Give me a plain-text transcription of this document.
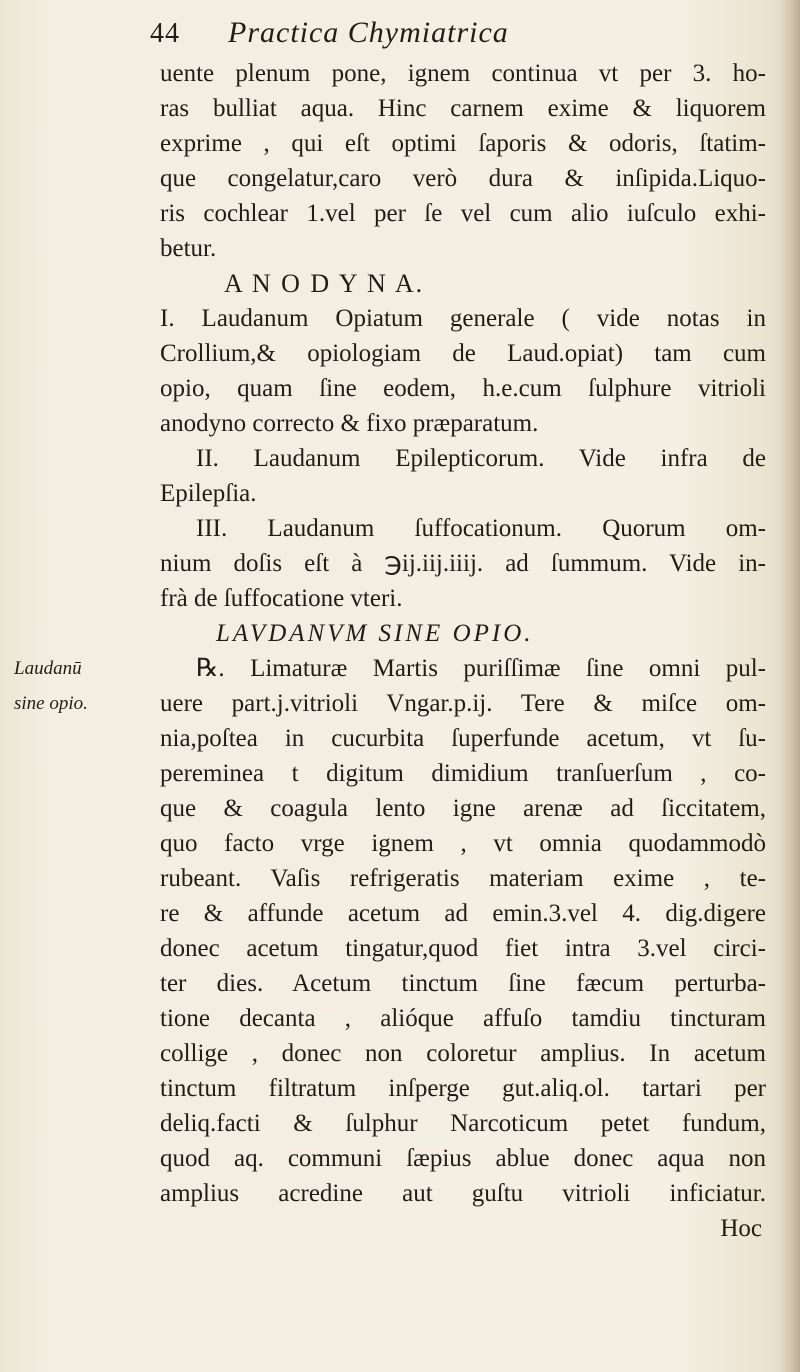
44 Practica Chymiatrica
Laudanū
sine opio.
uente plenum pone, ignem continua vt per 3. ho-
ras bulliat aqua. Hinc carnem exime & liquorem
exprime , qui eſt optimi ſaporis & odoris, ſtatim-
que congelatur,caro verò dura & inſipida.Liquo-
ris cochlear 1.vel per ſe vel cum alio iuſculo exhi-
betur.
A N O D Y N A.
I. Laudanum Opiatum generale ( vide notas in
Crollium,& opiologiam de Laud.opiat) tam cum
opio, quam ſine eodem, h.e.cum ſulphure vitrioli
anodyno correcto & fixo præparatum.
II. Laudanum Epilepticorum. Vide infra de
Epilepſia.
III. Laudanum ſuffocationum. Quorum om-
nium doſis eſt à ℈ij.iij.iiij. ad ſummum. Vide in-
frà de ſuffocatione vteri.
LAVDANVM SINE OPIO.
℞. Limaturæ Martis puriſſimæ ſine omni pul-
uere part.j.vitrioli Vngar.p.ij. Tere & miſce om-
nia,poſtea in cucurbita ſuperfunde acetum, vt ſu-
pereminea t digitum dimidium tranſuerſum , co-
que & coagula lento igne arenæ ad ſiccitatem,
quo facto vrge ignem , vt omnia quodammodò
rubeant. Vaſis refrigeratis materiam exime , te-
re & affunde acetum ad emin.3.vel 4. dig.digere
donec acetum tingatur,quod fiet intra 3.vel circi-
ter dies. Acetum tinctum ſine fæcum perturba-
tione decanta , alióque affuſo tamdiu tincturam
collige , donec non coloretur amplius. In acetum
tinctum filtratum inſperge gut.aliq.ol. tartari per
deliq.facti & ſulphur Narcoticum petet fundum,
quod aq. communi ſæpius ablue donec aqua non
amplius acredine aut guſtu vitrioli inficiatur.
Hoc
